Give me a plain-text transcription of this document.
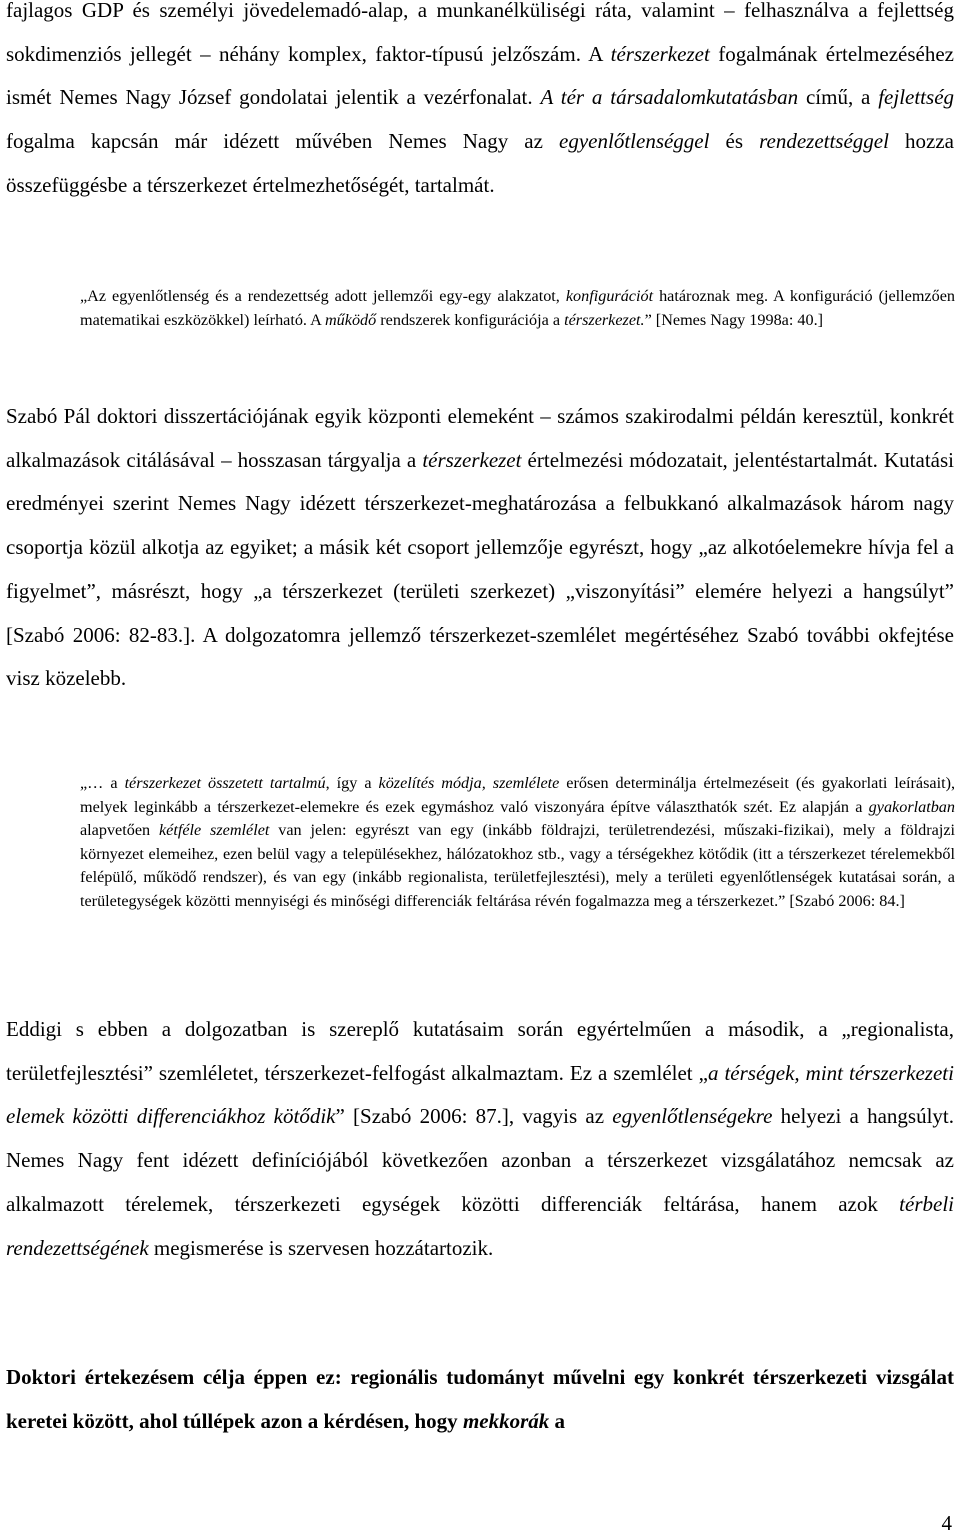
fajlagos GDP és személyi jövedelemadó-alap, a munkanélküliségi ráta, valamint – felhasználva a fejlettség sokdimenziós jellegét – néhány komplex, faktor-típusú jelzőszám. A térszerkezet fogalmának értelmezéséhez ismét Nemes Nagy József gondolatai jelentik a vezérfonalat. A tér a társadalomkutatásban című, a fejlettség fogalma kapcsán már idézett művében Nemes Nagy az egyenlőtlenséggel és rendezettséggel hozza összefüggésbe a térszerkezet értelmezhetőségét, tartalmát.

„Az egyenlőtlenség és a rendezettség adott jellemzői egy-egy alakzatot, konfigurációt határoznak meg. A konfiguráció (jellemzően matematikai eszközökkel) leírható. A működő rendszerek konfigurációja a térszerkezet.” [Nemes Nagy 1998a: 40.]

Szabó Pál doktori disszertációjának egyik központi elemeként – számos szakirodalmi példán keresztül, konkrét alkalmazások citálásával – hosszasan tárgyalja a térszerkezet értelmezési módozatait, jelentéstartalmát. Kutatási eredményei szerint Nemes Nagy idézett térszerkezet-meghatározása a felbukkanó alkalmazások három nagy csoportja közül alkotja az egyiket; a másik két csoport jellemzője egyrészt, hogy „az alkotóelemekre hívja fel a figyelmet”, másrészt, hogy „a térszerkezet (területi szerkezet) „viszonyítási” elemére helyezi a hangsúlyt” [Szabó 2006: 82-83.]. A dolgozatomra jellemző térszerkezet-szemlélet megértéséhez Szabó további okfejtése visz közelebb.

„… a térszerkezet összetett tartalmú, így a közelítés módja, szemlélete erősen determinálja értelmezéseit (és gyakorlati leírásait), melyek leginkább a térszerkezet-elemekre és ezek egymáshoz való viszonyára építve választhatók szét. Ez alapján a gyakorlatban alapvetően kétféle szemlélet van jelen: egyrészt van egy (inkább földrajzi, területrendezési, műszaki-fizikai), mely a földrajzi környezet elemeihez, ezen belül vagy a településekhez, hálózatokhoz stb., vagy a térségekhez kötődik (itt a térszerkezet térelemekből felépülő, működő rendszer), és van egy (inkább regionalista, területfejlesztési), mely a területi egyenlőtlenségek kutatásai során, a területegységek közötti mennyiségi és minőségi differenciák feltárása révén fogalmazza meg a térszerkezet.” [Szabó 2006: 84.]

Eddigi s ebben a dolgozatban is szereplő kutatásaim során egyértelműen a második, a „regionalista, területfejlesztési” szemléletet, térszerkezet-felfogást alkalmaztam. Ez a szemlélet „a térségek, mint térszerkezeti elemek közötti differenciákhoz kötődik” [Szabó 2006: 87.], vagyis az egyenlőtlenségekre helyezi a hangsúlyt. Nemes Nagy fent idézett definíciójából következően azonban a térszerkezet vizsgálatához nemcsak az alkalmazott térelemek, térszerkezeti egységek közötti differenciák feltárása, hanem azok térbeli rendezettségének megismerése is szervesen hozzátartozik.

Doktori értekezésem célja éppen ez: regionális tudományt művelni egy konkrét térszerkezeti vizsgálat keretei között, ahol túllépek azon a kérdésen, hogy mekkorák a

4
